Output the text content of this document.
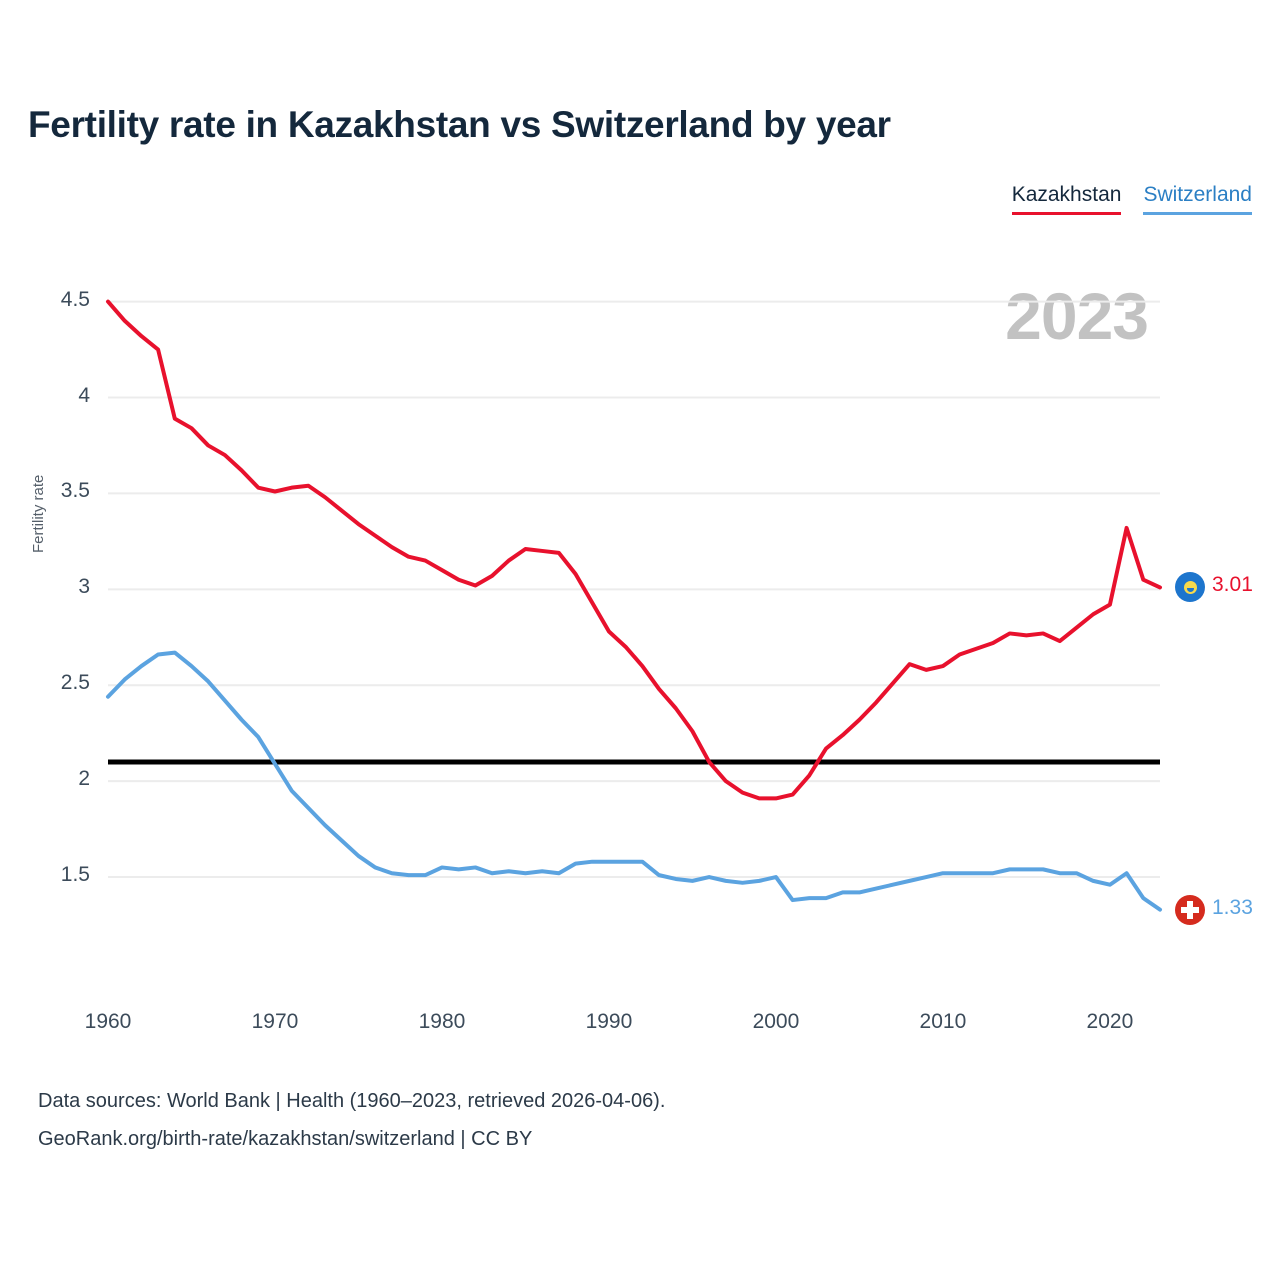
Fertility rate in Kazakhstan vs Switzerland by year
Kazakhstan Switzerland
2023
Fertility rate
1.5
2
2.5
3
3.5
4
4.5
1960	1970	1980	1990	2000	2010	2020
3.01
1.33
Data sources: World Bank | Health (1960–2023, retrieved 2026-04-06).
GeoRank.org/birth-rate/kazakhstan/switzerland | CC BY
